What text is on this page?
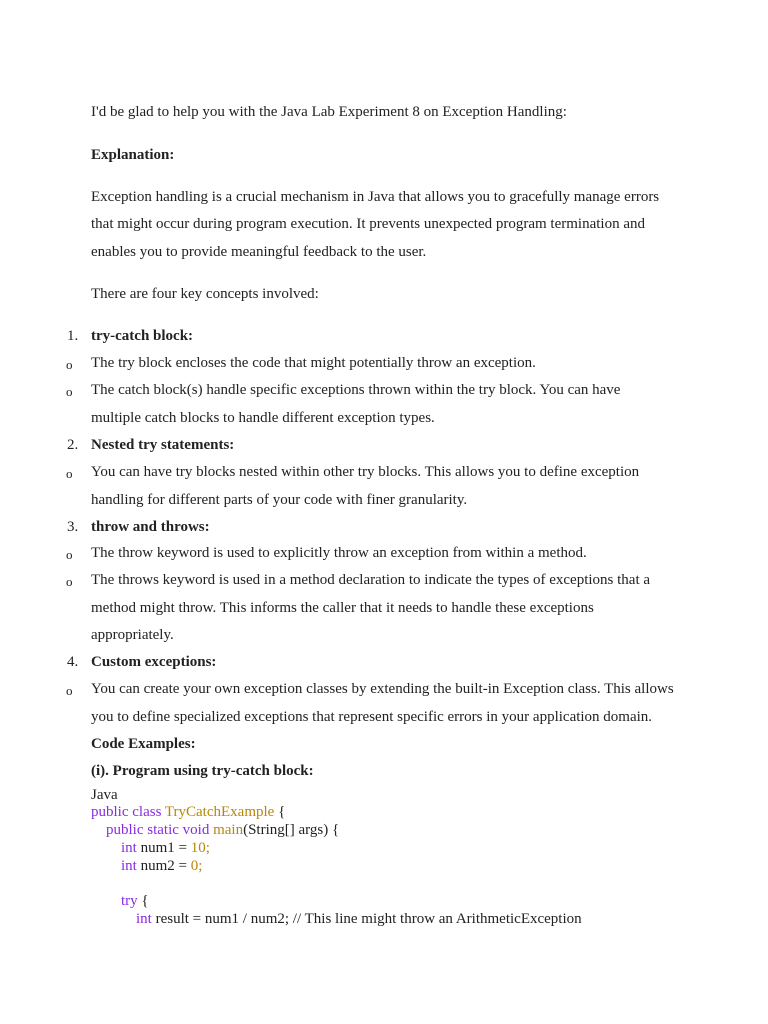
I'd be glad to help you with the Java Lab Experiment 8 on Exception Handling:
Explanation:
Exception handling is a crucial mechanism in Java that allows you to gracefully manage errors
that might occur during program execution. It prevents unexpected program termination and
enables you to provide meaningful feedback to the user.
There are four key concepts involved:
1. try-catch block:
o The try block encloses the code that might potentially throw an exception.
o The catch block(s) handle specific exceptions thrown within the try block. You can have
multiple catch blocks to handle different exception types.
2. Nested try statements:
o You can have try blocks nested within other try blocks. This allows you to define exception
handling for different parts of your code with finer granularity.
3. throw and throws:
o The throw keyword is used to explicitly throw an exception from within a method.
o The throws keyword is used in a method declaration to indicate the types of exceptions that a
method might throw. This informs the caller that it needs to handle these exceptions
appropriately.
4. Custom exceptions:
o You can create your own exception classes by extending the built-in Exception class. This allows
you to define specialized exceptions that represent specific errors in your application domain.
Code Examples:
(i). Program using try-catch block:
Java
public class TryCatchExample {
public static void main(String[] args) {
int num1 = 10;
int num2 = 0;
try {
int result = num1 / num2; // This line might throw an ArithmeticException
